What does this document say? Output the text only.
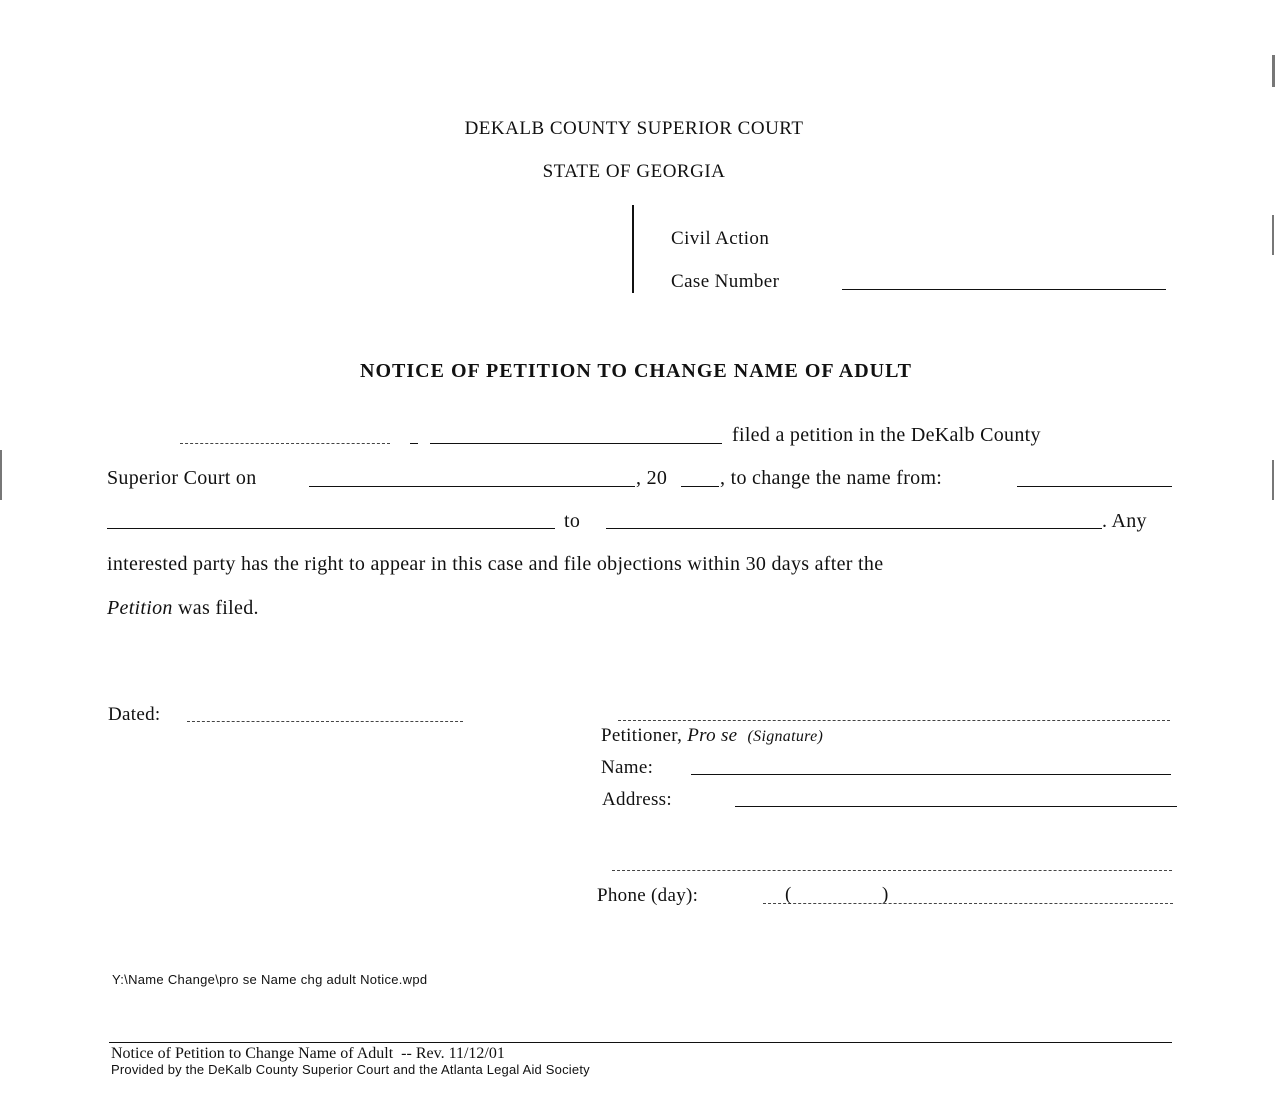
DEKALB COUNTY SUPERIOR COURT
STATE OF GEORGIA
Civil Action
Case Number
NOTICE OF PETITION TO CHANGE NAME OF ADULT
filed a petition in the DeKalb County
Superior Court on	, 20	, to change the name from:
to	. Any
interested party has the right to appear in this case and file objections within 30 days after the
Petition was filed.
Dated:
Petitioner, Pro se (Signature)
Name:
Address:
Phone (day):	(	)
Y:\Name Change\pro se Name chg adult Notice.wpd
Notice of Petition to Change Name of Adult -- Rev. 11/12/01
Provided by the DeKalb County Superior Court and the Atlanta Legal Aid Society
